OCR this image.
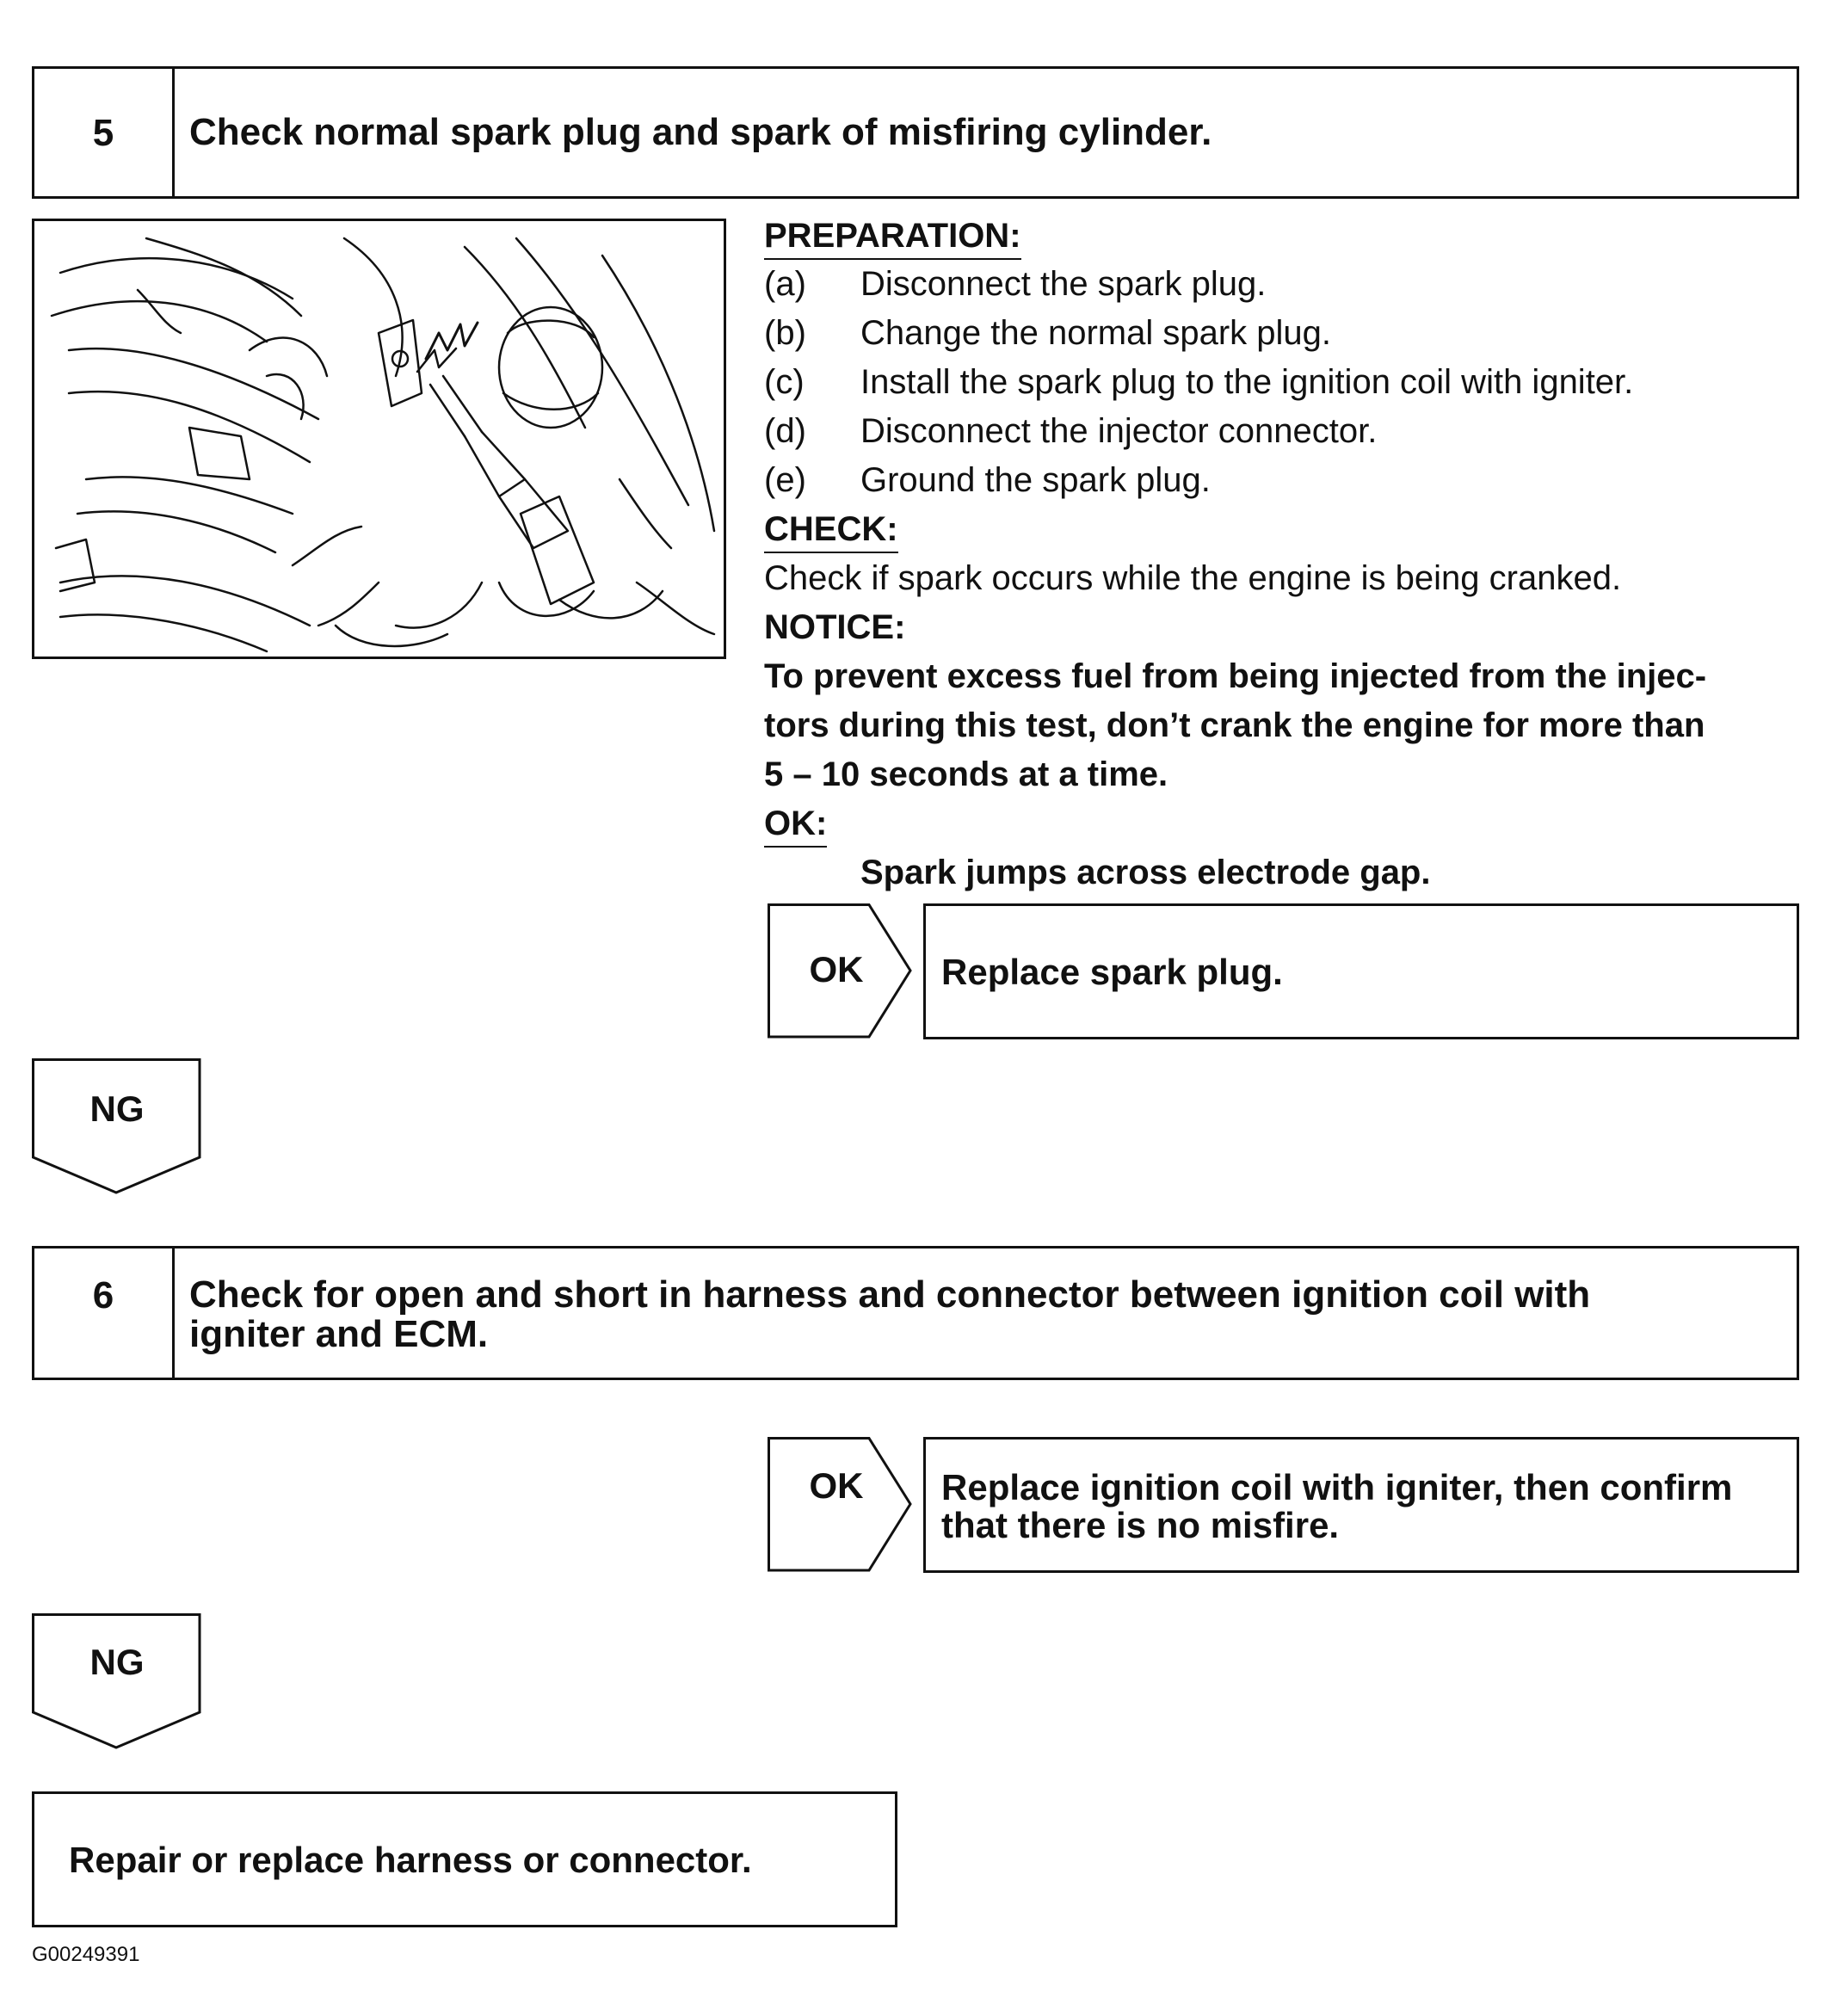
5	Check normal spark plug and spark of misfiring cylinder.
PREPARATION:
(a) Disconnect the spark plug.
(b) Change the normal spark plug.
(c) Install the spark plug to the ignition coil with igniter.
(d) Disconnect the injector connector.
(e) Ground the spark plug.
CHECK:
Check if spark occurs while the engine is being cranked.
NOTICE:
To prevent excess fuel from being injected from the injec-
tors during this test, don’t crank the engine for more than
5 – 10 seconds at a time.
OK:
Spark jumps across electrode gap.
OK	Replace spark plug.
NG
6	Check for open and short in harness and connector between ignition coil with
igniter and ECM.
OK	Replace ignition coil with igniter, then confirm
that there is no misfire.
NG
Repair or replace harness or connector.
G00249391
